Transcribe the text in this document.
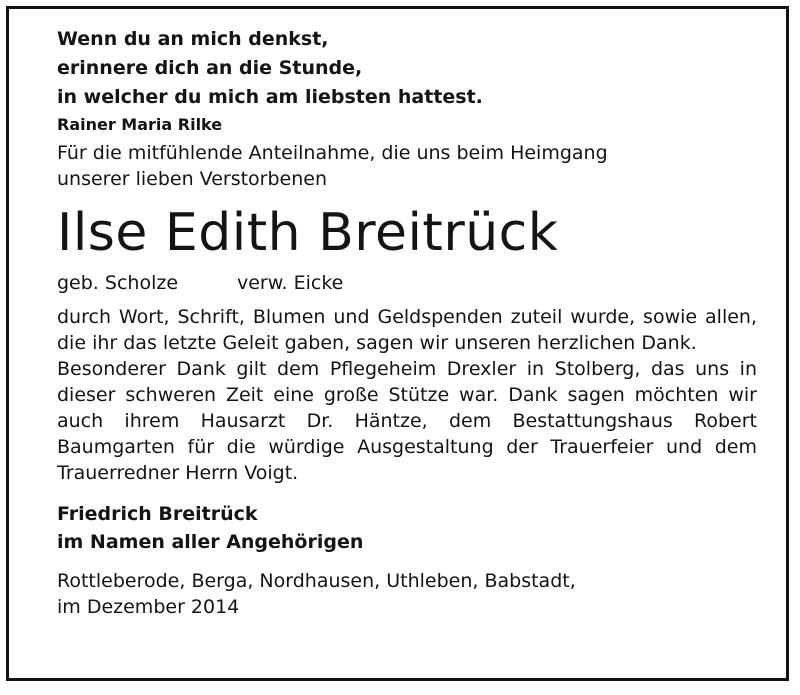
Wenn du an mich denkst,
erinnere dich an die Stunde,
in welcher du mich am liebsten hattest.
Rainer Maria Rilke
Für die mitfühlende Anteilnahme, die uns beim Heimgang
unserer lieben Verstorbenen
Ilse Edith Breitrück
geb. Scholze	verw. Eicke

durch Wort, Schrift, Blumen und Geldspenden zuteil wurde, sowie allen, die ihr das letzte Geleit gaben, sagen wir unseren herzlichen Dank.

Besonderer Dank gilt dem Pflegeheim Drexler in Stolberg, das uns in dieser schweren Zeit eine große Stütze war. Dank sagen möchten wir auch ihrem Hausarzt Dr. Häntze, dem Bestattungshaus Robert Baumgarten für die würdige Ausgestaltung der Trauerfeier und dem Trauerredner Herrn Voigt.

Friedrich Breitrück
im Namen aller Angehörigen
Rottleberode, Berga, Nordhausen, Uthleben, Babstadt,
im Dezember 2014
